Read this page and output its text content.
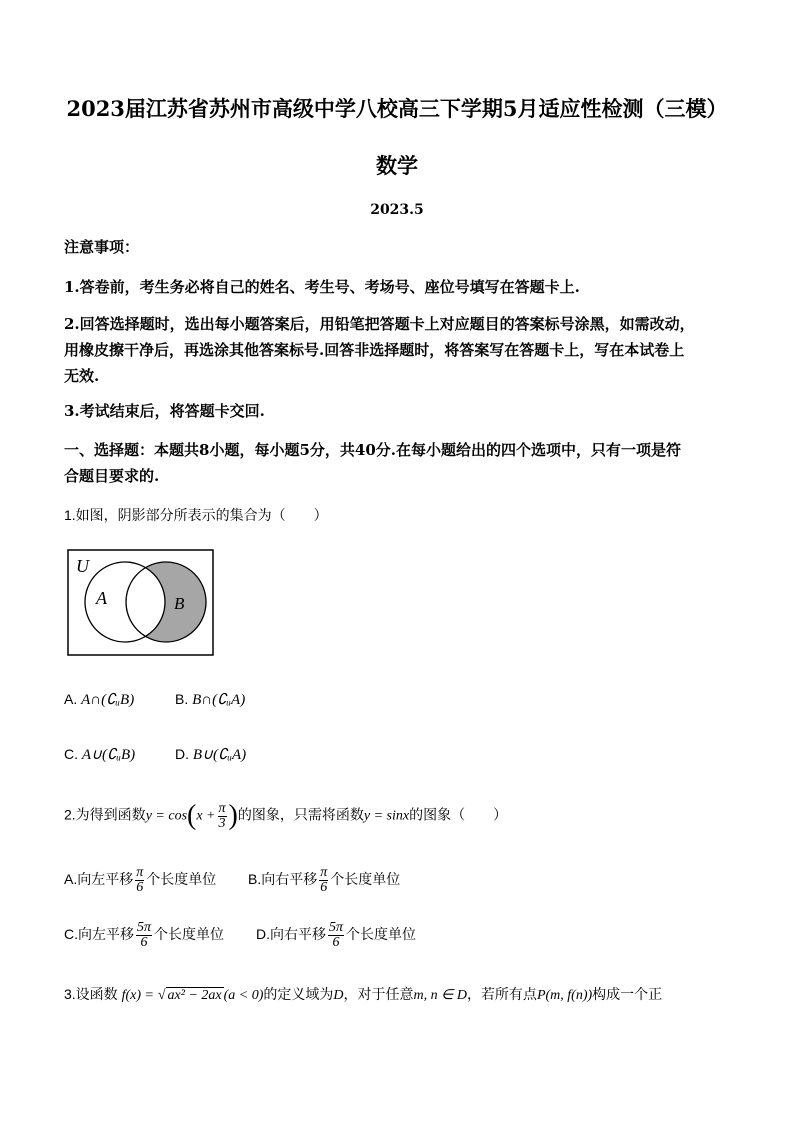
2023届江苏省苏州市高级中学八校高三下学期5月适应性检测（三模）
数学
2023.5
注意事项：
1.答卷前，考生务必将自己的姓名、考生号、考场号、座位号填写在答题卡上.
2.回答选择题时，选出每小题答案后，用铅笔把答题卡上对应题目的答案标号涂黑，如需改动，
用橡皮擦干净后，再选涂其他答案标号.回答非选择题时，将答案写在答题卡上，写在本试卷上
无效.
3.考试结束后，将答题卡交回.
一、选择题：本题共8小题，每小题5分，共40分.在每小题给出的四个选项中，只有一项是符
合题目要求的.
1.如图，阴影部分所表示的集合为（　　）
U
A	B
A. A∩(∁ᵤB)	B. B∩(∁ᵤA)
C. A∪(∁ᵤB)	D. B∪(∁ᵤA)
2.为得到函数$y = \cos(x + \frac{\pi}{3}$ )的图象，只需将函数y = sinx的图象（　　）
A.向左平移 $\frac{\pi}{6}$ 个长度单位 B.向右平移 $\frac{\pi}{6}$ 个长度单位
C.向左平移 $\frac{5\pi}{6}$ 个长度单位 D.向右平移 $\frac{5\pi}{6}$ 个长度单位
3.设函数 f(x) = √ ax² − 2ax (a < 0)的定义域为D，对于任意m, n ∈ D，若所有点P(m, f(n))构成一个正
